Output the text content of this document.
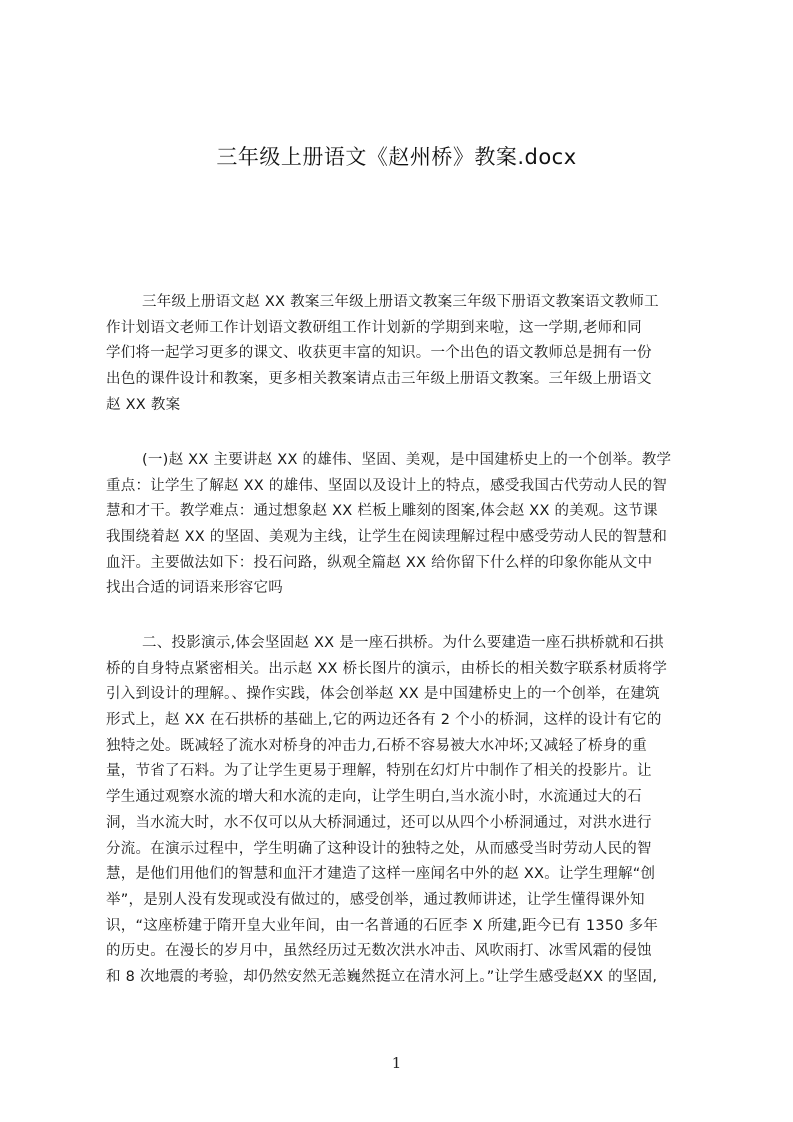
三年级上册语文《赵州桥》教案.docx

三年级上册语文赵 XX 教案三年级上册语文教案三年级下册语文教案语文教师工
作计划语文老师工作计划语文教研组工作计划新的学期到来啦，这一学期,老师和同
学们将一起学习更多的课文、收获更丰富的知识。一个出色的语文教师总是拥有一份
出色的课件设计和教案，更多相关教案请点击三年级上册语文教案。三年级上册语文
赵 XX 教案

(一)赵 XX 主要讲赵 XX 的雄伟、坚固、美观，是中国建桥史上的一个创举。教学
重点：让学生了解赵 XX 的雄伟、坚固以及设计上的特点，感受我国古代劳动人民的智
慧和才干。教学难点：通过想象赵 XX 栏板上雕刻的图案,体会赵 XX 的美观。这节课
我围绕着赵 XX 的坚固、美观为主线，让学生在阅读理解过程中感受劳动人民的智慧和
血汗。主要做法如下：投石问路，纵观全篇赵 XX 给你留下什么样的印象你能从文中
找出合适的词语来形容它吗

二、投影演示,体会坚固赵 XX 是一座石拱桥。为什么要建造一座石拱桥就和石拱
桥的自身特点紧密相关。出示赵 XX 桥长图片的演示，由桥长的相关数字联系材质将学
引入到设计的理解。、操作实践，体会创举赵 XX 是中国建桥史上的一个创举，在建筑
形式上，赵 XX 在石拱桥的基础上,它的两边还各有 2 个小的桥洞，这样的设计有它的
独特之处。既减轻了流水对桥身的冲击力,石桥不容易被大水冲坏;又减轻了桥身的重
量，节省了石料。为了让学生更易于理解，特别在幻灯片中制作了相关的投影片。让
学生通过观察水流的增大和水流的走向，让学生明白,当水流小时，水流通过大的石
洞，当水流大时，水不仅可以从大桥洞通过，还可以从四个小桥洞通过，对洪水进行
分流。在演示过程中，学生明确了这种设计的独特之处，从而感受当时劳动人民的智
慧，是他们用他们的智慧和血汗才建造了这样一座闻名中外的赵 XX。让学生理解“创
举”，是别人没有发现或没有做过的，感受创举，通过教师讲述，让学生懂得课外知
识，“这座桥建于隋开皇大业年间，由一名普通的石匠李 X 所建,距今已有 1350 多年
的历史。在漫长的岁月中，虽然经历过无数次洪水冲击、风吹雨打、冰雪风霜的侵蚀
和 8 次地震的考验，却仍然安然无恙巍然挺立在清水河上。”让学生感受赵XX 的坚固,

1
